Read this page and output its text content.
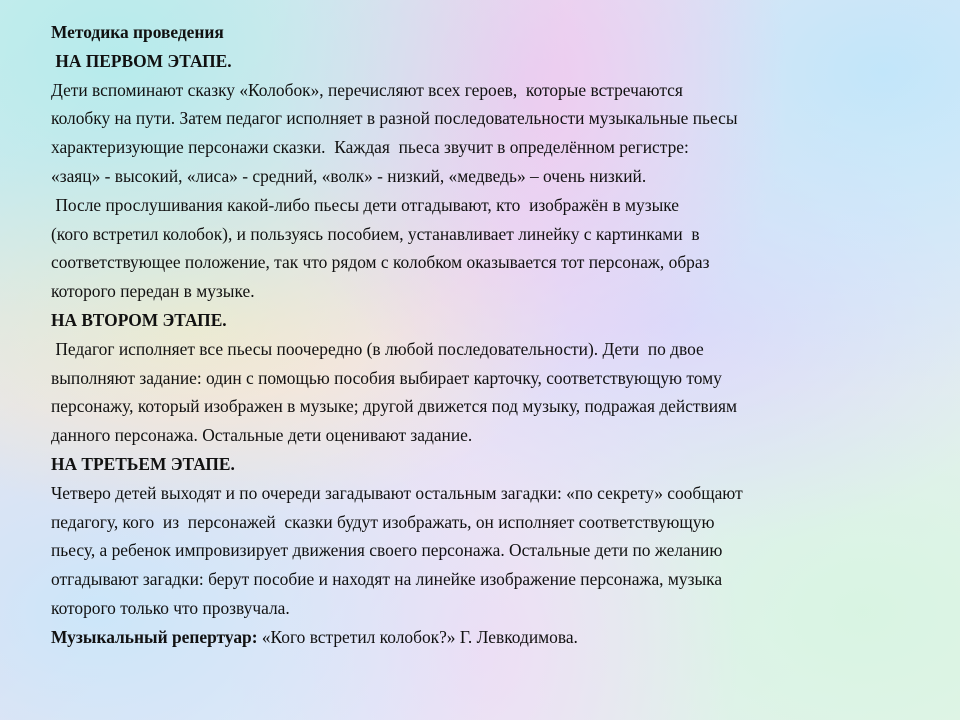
Методика проведения
НА ПЕРВОМ ЭТАПЕ.
Дети вспоминают сказку «Колобок», перечисляют всех героев,  которые встречаются
колобку на пути. Затем педагог исполняет в разной последовательности музыкальные пьесы
характеризующие персонажи сказки.  Каждая  пьеса звучит в определённом регистре:
«заяц» - высокий, «лиса» - средний, «волк» - низкий, «медведь» – очень низкий.
После прослушивания какой-либо пьесы дети отгадывают, кто  изображён в музыке
(кого встретил колобок), и пользуясь пособием, устанавливает линейку с картинками  в
соответствующее положение, так что рядом с колобком оказывается тот персонаж, образ
которого передан в музыке.
НА ВТОРОМ ЭТАПЕ.
Педагог исполняет все пьесы поочередно (в любой последовательности). Дети  по двое
выполняют задание: один с помощью пособия выбирает карточку, соответствующую тому
персонажу, который изображен в музыке; другой движется под музыку, подражая действиям
данного персонажа. Остальные дети оценивают задание.
НА ТРЕТЬЕМ ЭТАПЕ.
Четверо детей выходят и по очереди загадывают остальным загадки: «по секрету» сообщают
педагогу, кого  из  персонажей  сказки будут изображать, он исполняет соответствующую
пьесу, а ребенок импровизирует движения своего персонажа. Остальные дети по желанию
отгадывают загадки: берут пособие и находят на линейке изображение персонажа, музыка
которого только что прозвучала.
Музыкальный репертуар: «Кого встретил колобок?» Г. Левкодимова.
